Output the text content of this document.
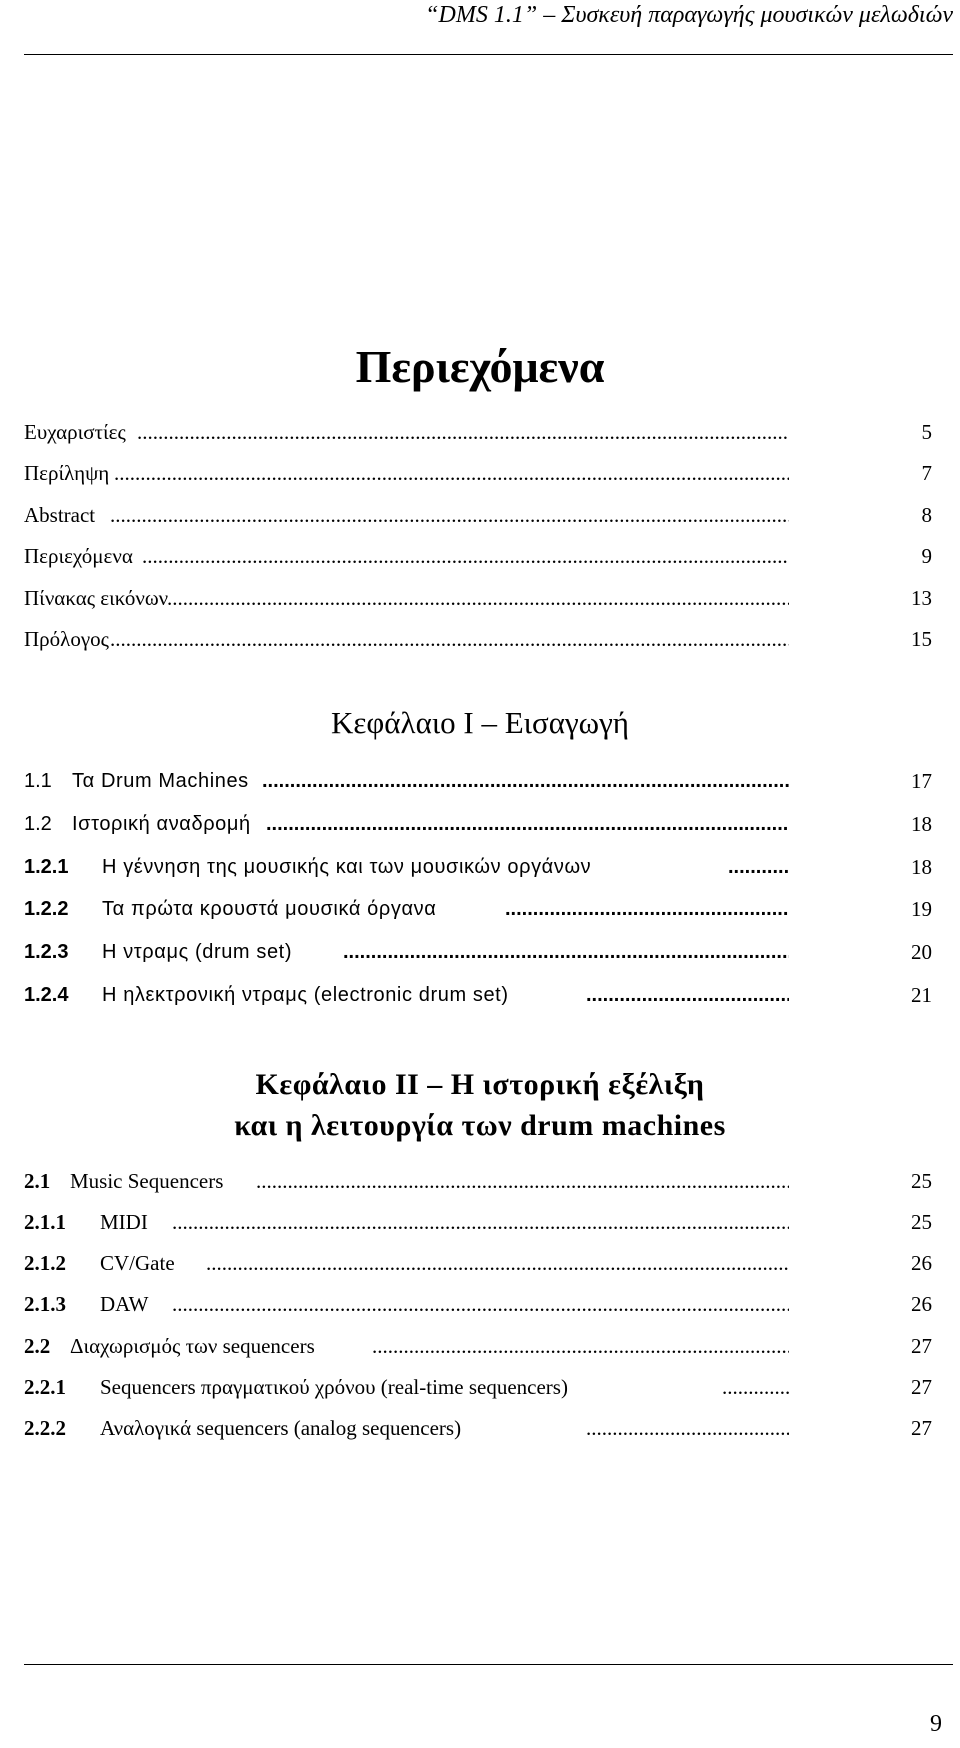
“DMS 1.1” – Συσκευή παραγωγής μουσικών μελωδιών
Περιεχόμενα
Ευχαριστίες .....	5
Περίληψη .....	7
Abstract .....	8
Περιεχόμενα .....	9
Πίνακας εικόνων .....	13
Πρόλογος .....	15
Κεφάλαιο Ι – Εισαγωγή
1.1 Τα Drum Machines .....	17
1.2 Ιστορική αναδρομή .....	18
1.2.1 Η γέννηση της μουσικής και των μουσικών οργάνων .....	18
1.2.2 Τα πρώτα κρουστά μουσικά όργανα .....	19
1.2.3 Η ντραμς (drum set) .....	20
1.2.4 Η ηλεκτρονική ντραμς (electronic drum set) .....	21
Κεφάλαιο ΙΙ – Η ιστορική εξέλιξη
και η λειτουργία των drum machines
2.1 Music Sequencers .....	25
2.1.1 MIDI .....	25
2.1.2 CV/Gate .....	26
2.1.3 DAW .....	26
2.2 Διαχωρισμός των sequencers .....	27
2.2.1 Sequencers πραγματικού χρόνου (real-time sequencers) .....	27
2.2.2 Αναλογικά sequencers (analog sequencers) .....	27
9
